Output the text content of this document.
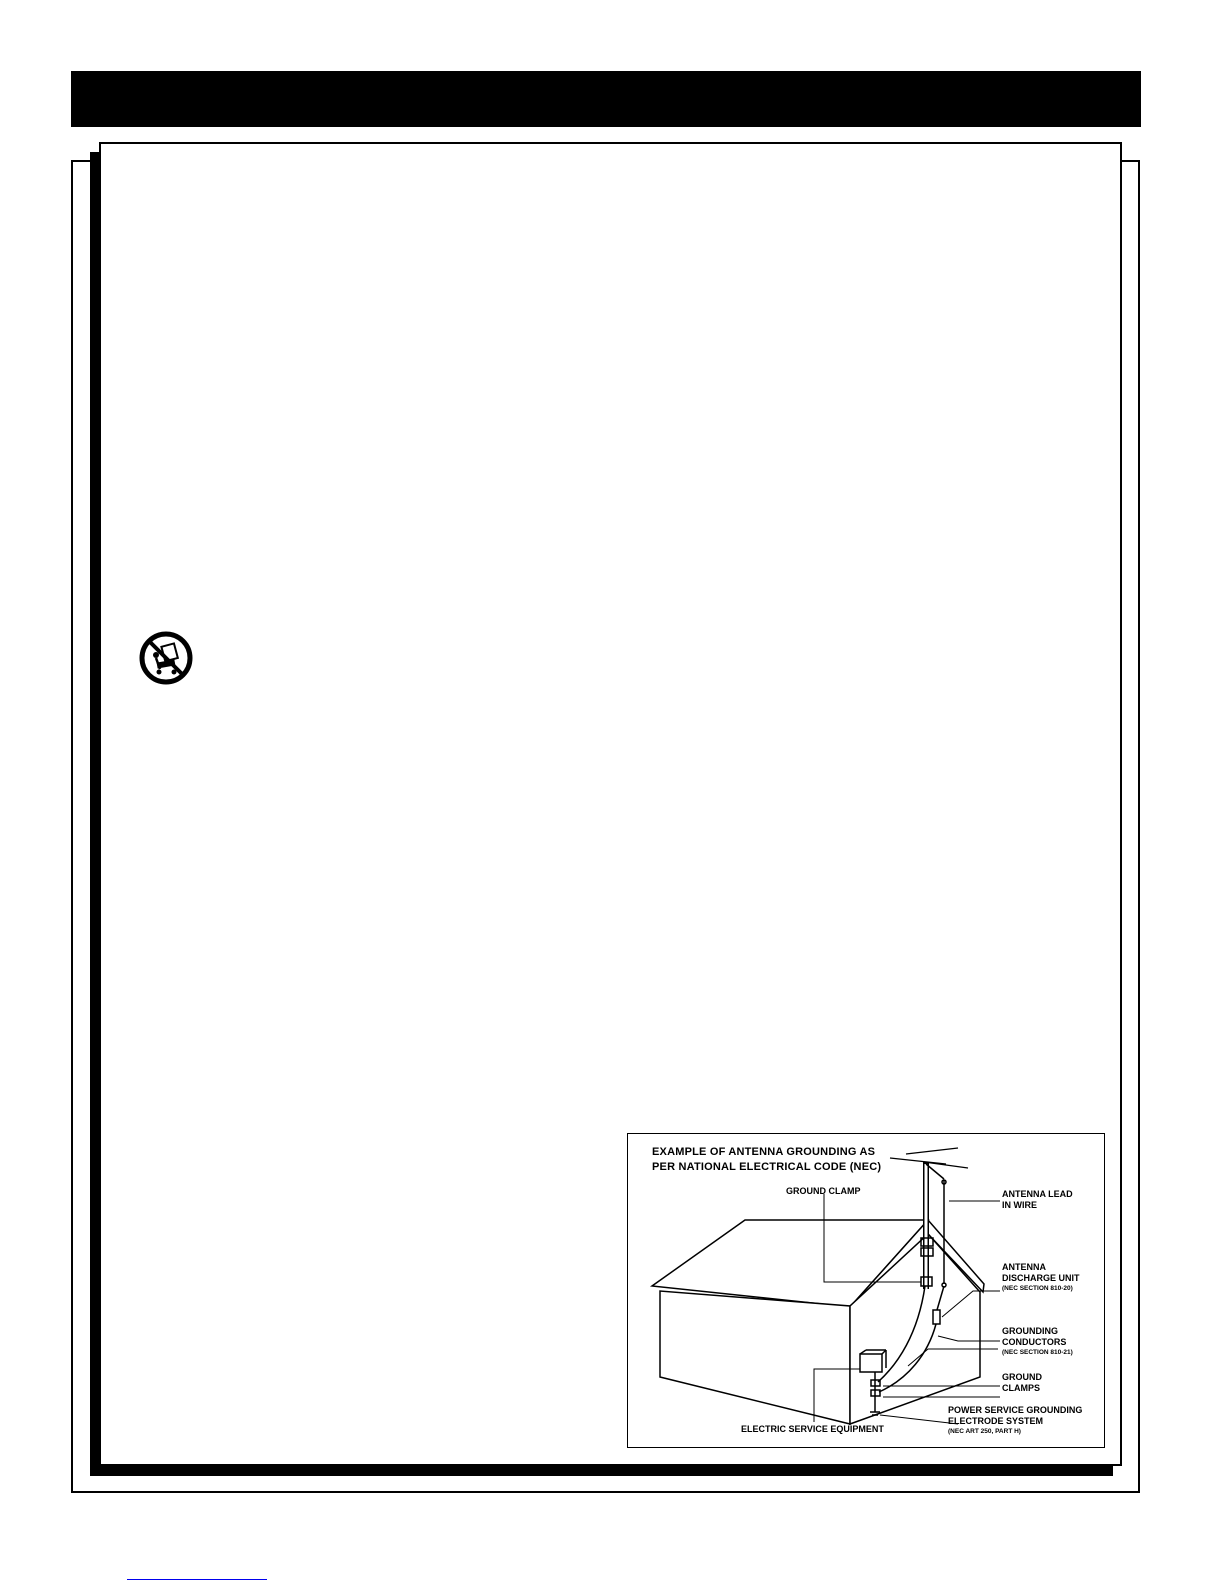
EXAMPLE OF ANTENNA GROUNDING AS
PER NATIONAL ELECTRICAL CODE (NEC)
GROUND CLAMP	ANTENNA LEAD
IN WIRE
ANTENNA
DISCHARGE UNIT
(NEC SECTION 810-20)
GROUNDING
CONDUCTORS
(NEC SECTION 810-21)
GROUND
CLAMPS
POWER SERVICE GROUNDING
ELECTRODE SYSTEM
(NEC ART 250, PART H)
ELECTRIC SERVICE EQUIPMENT
